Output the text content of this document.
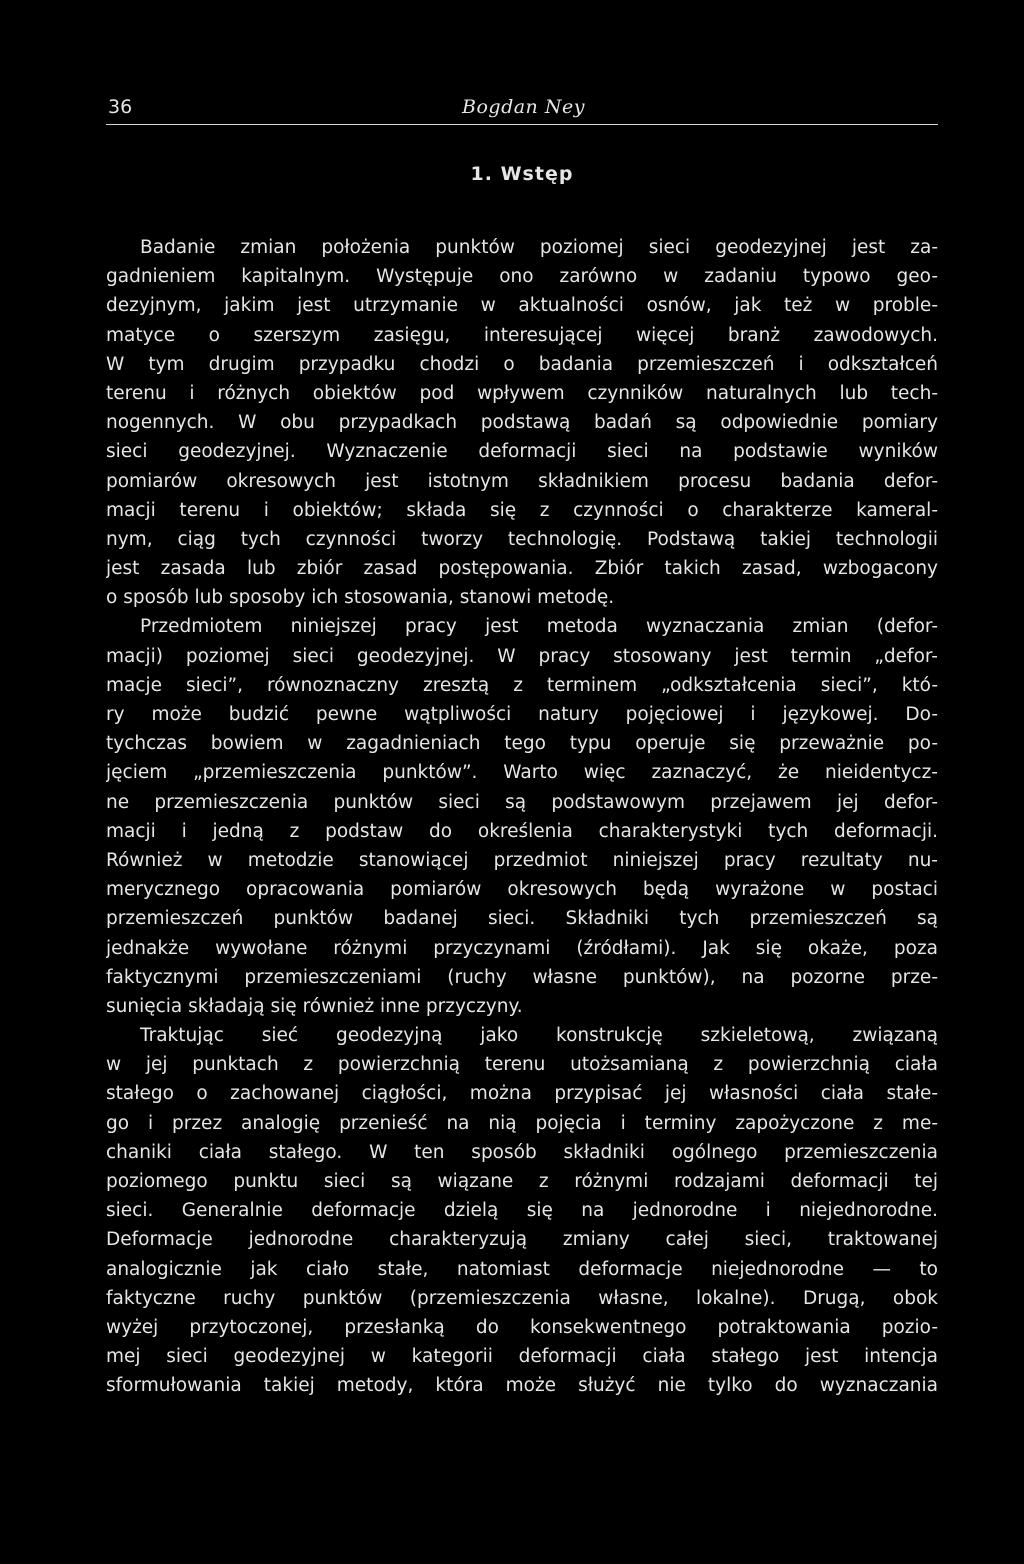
36	Bogdan Ney
1. Wstęp
Badanie zmian położenia punktów poziomej sieci geodezyjnej jest za-
gadnieniem kapitalnym. Występuje ono zarówno w zadaniu typowo geo-
dezyjnym, jakim jest utrzymanie w aktualności osnów, jak też w proble-
matyce o szerszym zasięgu, interesującej więcej branż zawodowych.
W tym drugim przypadku chodzi o badania przemieszczeń i odkształceń
terenu i różnych obiektów pod wpływem czynników naturalnych lub tech-
nogennych. W obu przypadkach podstawą badań są odpowiednie pomiary
sieci geodezyjnej. Wyznaczenie deformacji sieci na podstawie wyników
pomiarów okresowych jest istotnym składnikiem procesu badania defor-
macji terenu i obiektów; składa się z czynności o charakterze kameral-
nym, ciąg tych czynności tworzy technologię. Podstawą takiej technologii
jest zasada lub zbiór zasad postępowania. Zbiór takich zasad, wzbogacony
o sposób lub sposoby ich stosowania, stanowi metodę.
Przedmiotem niniejszej pracy jest metoda wyznaczania zmian (defor-
macji) poziomej sieci geodezyjnej. W pracy stosowany jest termin „defor-
macje sieci”, równoznaczny zresztą z terminem „odkształcenia sieci”, któ-
ry może budzić pewne wątpliwości natury pojęciowej i językowej. Do-
tychczas bowiem w zagadnieniach tego typu operuje się przeważnie po-
jęciem „przemieszczenia punktów”. Warto więc zaznaczyć, że nieidentycz-
ne przemieszczenia punktów sieci są podstawowym przejawem jej defor-
macji i jedną z podstaw do określenia charakterystyki tych deformacji.
Również w metodzie stanowiącej przedmiot niniejszej pracy rezultaty nu-
merycznego opracowania pomiarów okresowych będą wyrażone w postaci
przemieszczeń punktów badanej sieci. Składniki tych przemieszczeń są
jednakże wywołane różnymi przyczynami (źródłami). Jak się okaże, poza
faktycznymi przemieszczeniami (ruchy własne punktów), na pozorne prze-
sunięcia składają się również inne przyczyny.
Traktując sieć geodezyjną jako konstrukcję szkieletową, związaną
w jej punktach z powierzchnią terenu utożsamianą z powierzchnią ciała
stałego o zachowanej ciągłości, można przypisać jej własności ciała stałe-
go i przez analogię przenieść na nią pojęcia i terminy zapożyczone z me-
chaniki ciała stałego. W ten sposób składniki ogólnego przemieszczenia
poziomego punktu sieci są wiązane z różnymi rodzajami deformacji tej
sieci. Generalnie deformacje dzielą się na jednorodne i niejednorodne.
Deformacje jednorodne charakteryzują zmiany całej sieci, traktowanej
analogicznie jak ciało stałe, natomiast deformacje niejednorodne — to
faktyczne ruchy punktów (przemieszczenia własne, lokalne). Drugą, obok
wyżej przytoczonej, przesłanką do konsekwentnego potraktowania pozio-
mej sieci geodezyjnej w kategorii deformacji ciała stałego jest intencja
sformułowania takiej metody, która może służyć nie tylko do wyznaczania
